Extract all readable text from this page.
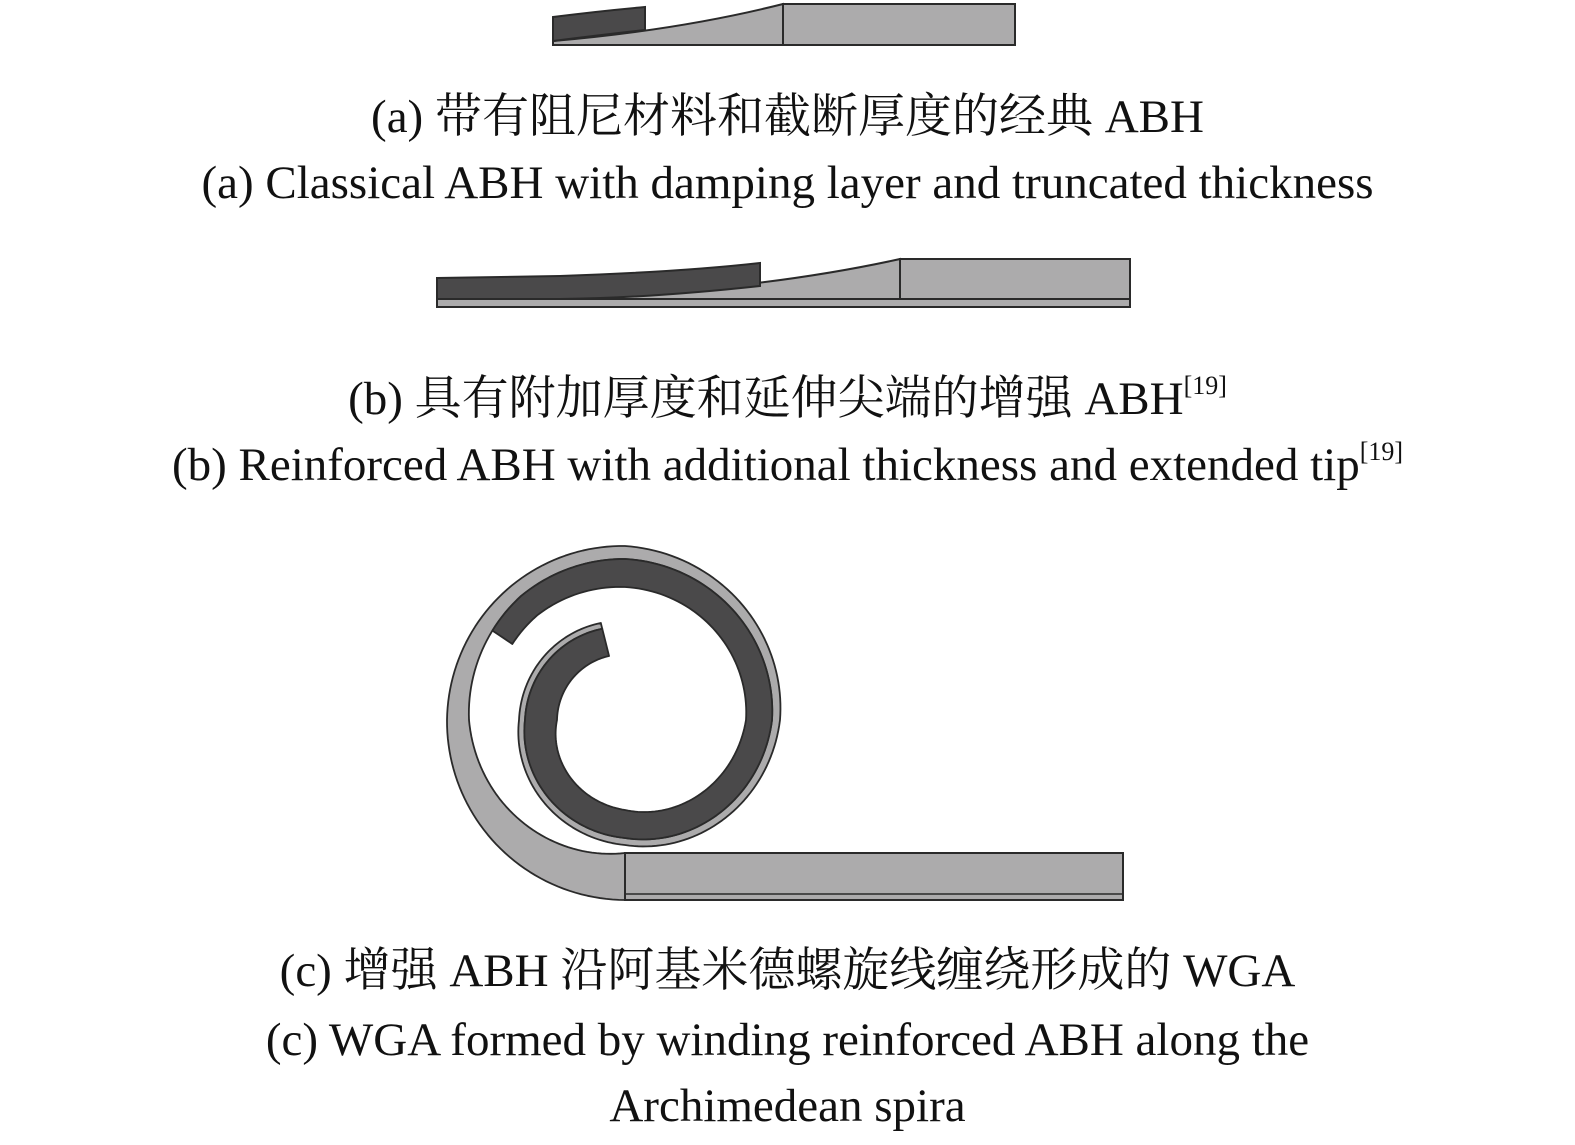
(a) 带有阻尼材料和截断厚度的经典 ABH
(a) Classical ABH with damping layer and truncated thickness
(b) 具有附加厚度和延伸尖端的增强 ABH[19]
(b) Reinforced ABH with additional thickness and extended tip[19]
(c) 增强 ABH 沿阿基米德螺旋线缠绕形成的 WGA
(c) WGA formed by winding reinforced ABH along the
Archimedean spira
